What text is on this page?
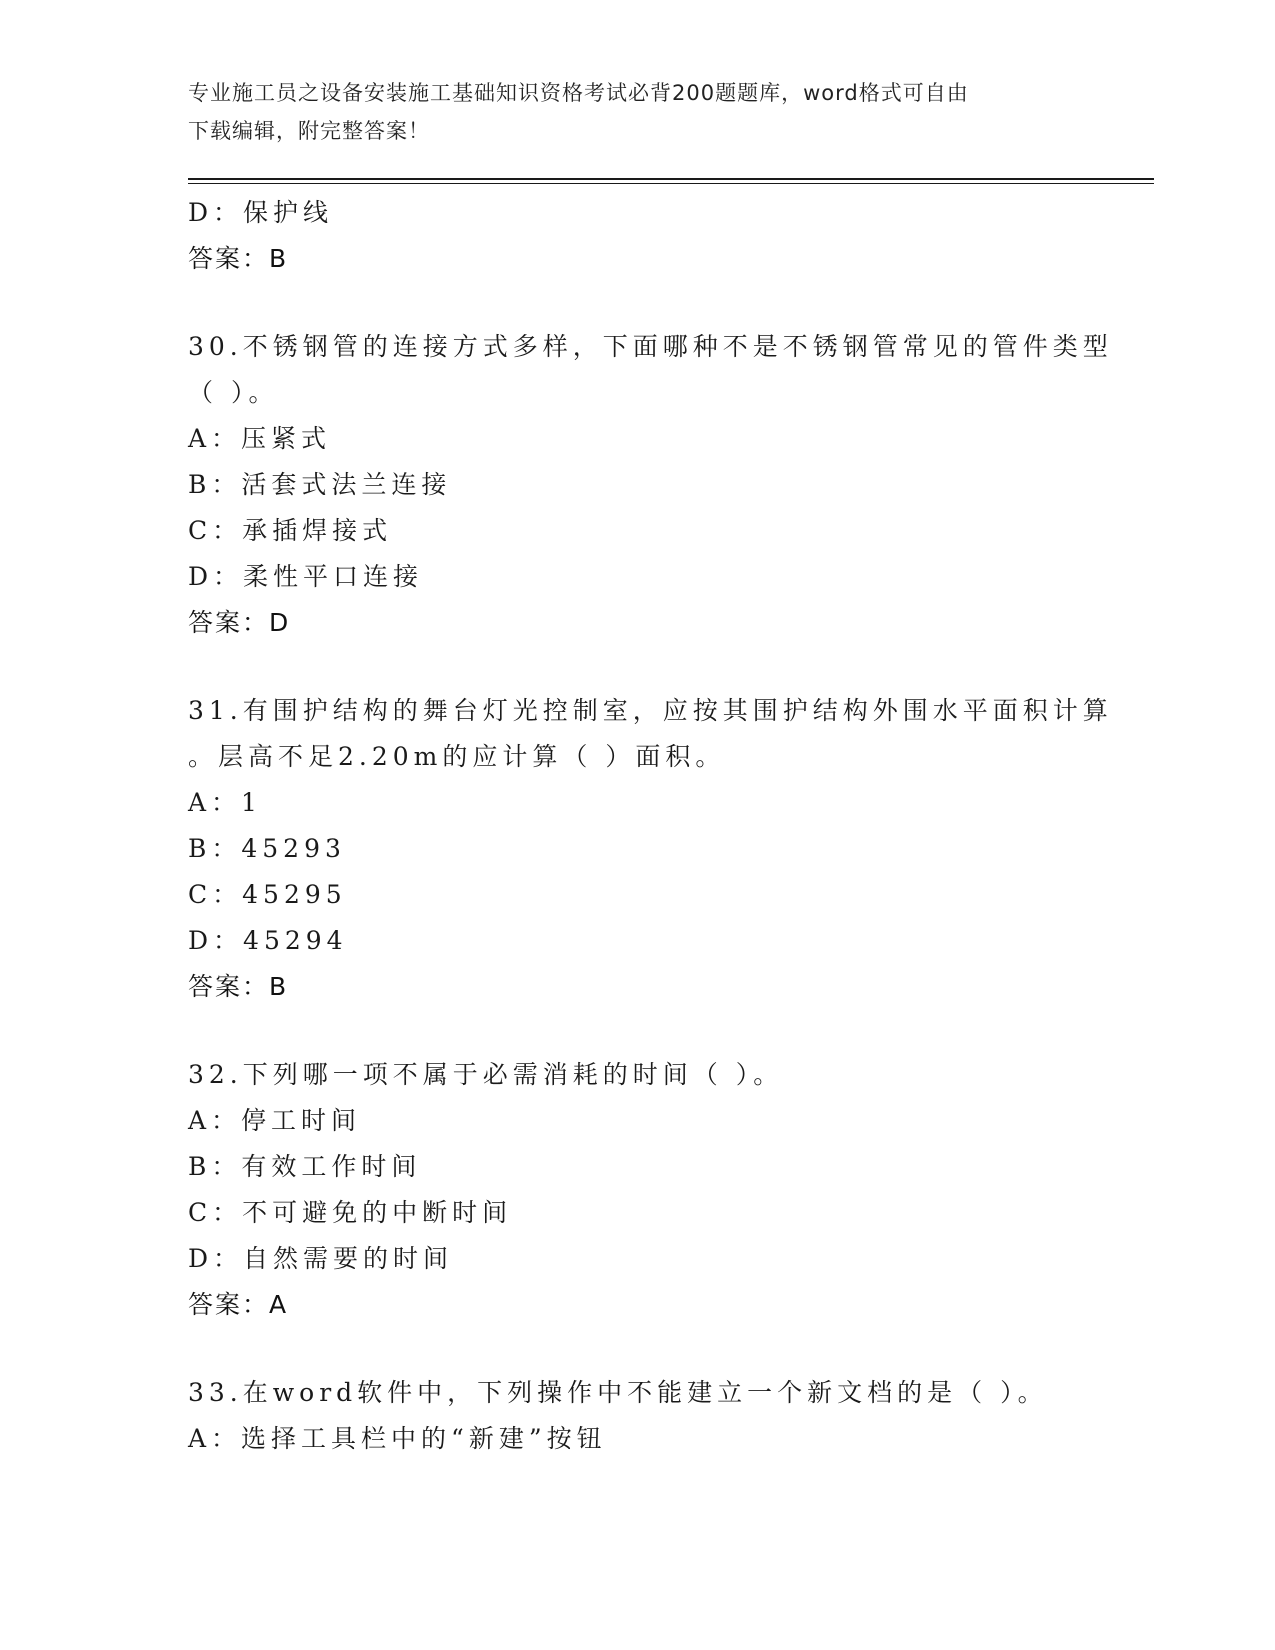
专业施工员之设备安装施工基础知识资格考试必背200题题库，word格式可自由
下载编辑，附完整答案！
D：保护线
答案：B
30.不锈钢管的连接方式多样，下面哪种不是不锈钢管常见的管件类型
（ ）。
A：压紧式
B：活套式法兰连接
C：承插焊接式
D：柔性平口连接
答案：D
31.有围护结构的舞台灯光控制室，应按其围护结构外围水平面积计算
。层高不足2.20m的应计算（ ）面积。
A：1
B：45293
C：45295
D：45294
答案：B
32.下列哪一项不属于必需消耗的时间（ ）。
A：停工时间
B：有效工作时间
C：不可避免的中断时间
D：自然需要的时间
答案：A
33.在word软件中，下列操作中不能建立一个新文档的是（ ）。
A：选择工具栏中的“新建”按钮
